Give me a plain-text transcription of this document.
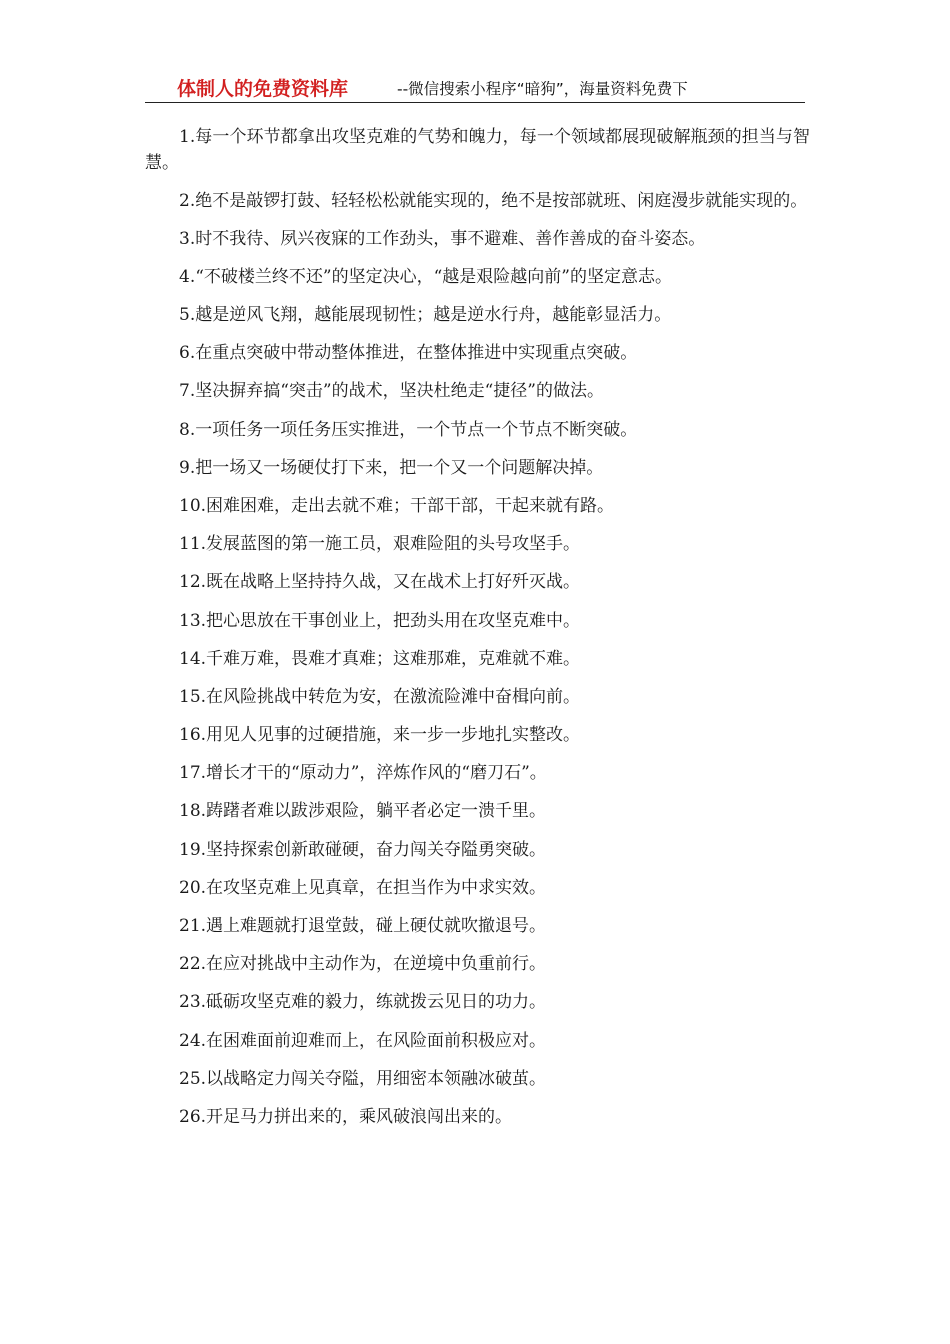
体制人的免费资料库	--微信搜索小程序“暗狗”，海量资料免费下

1.每一个环节都拿出攻坚克难的气势和魄力，每一个领域都展现破解瓶颈的担当与智慧。

2.绝不是敲锣打鼓、轻轻松松就能实现的，绝不是按部就班、闲庭漫步就能实现的。

3.时不我待、夙兴夜寐的工作劲头，事不避难、善作善成的奋斗姿态。

4.“不破楼兰终不还”的坚定决心，“越是艰险越向前”的坚定意志。

5.越是逆风飞翔，越能展现韧性；越是逆水行舟，越能彰显活力。

6.在重点突破中带动整体推进，在整体推进中实现重点突破。

7.坚决摒弃搞“突击”的战术，坚决杜绝走“捷径”的做法。

8.一项任务一项任务压实推进，一个节点一个节点不断突破。

9.把一场又一场硬仗打下来，把一个又一个问题解决掉。

10.困难困难，走出去就不难；干部干部，干起来就有路。

11.发展蓝图的第一施工员，艰难险阻的头号攻坚手。

12.既在战略上坚持持久战，又在战术上打好歼灭战。

13.把心思放在干事创业上，把劲头用在攻坚克难中。

14.千难万难，畏难才真难；这难那难，克难就不难。

15.在风险挑战中转危为安，在激流险滩中奋楫向前。

16.用见人见事的过硬措施，来一步一步地扎实整改。

17.增长才干的“原动力”，淬炼作风的“磨刀石”。

18.踌躇者难以跋涉艰险，躺平者必定一溃千里。

19.坚持探索创新敢碰硬，奋力闯关夺隘勇突破。

20.在攻坚克难上见真章，在担当作为中求实效。

21.遇上难题就打退堂鼓，碰上硬仗就吹撤退号。

22.在应对挑战中主动作为，在逆境中负重前行。

23.砥砺攻坚克难的毅力，练就拨云见日的功力。

24.在困难面前迎难而上，在风险面前积极应对。

25.以战略定力闯关夺隘，用细密本领融冰破茧。

26.开足马力拼出来的，乘风破浪闯出来的。
